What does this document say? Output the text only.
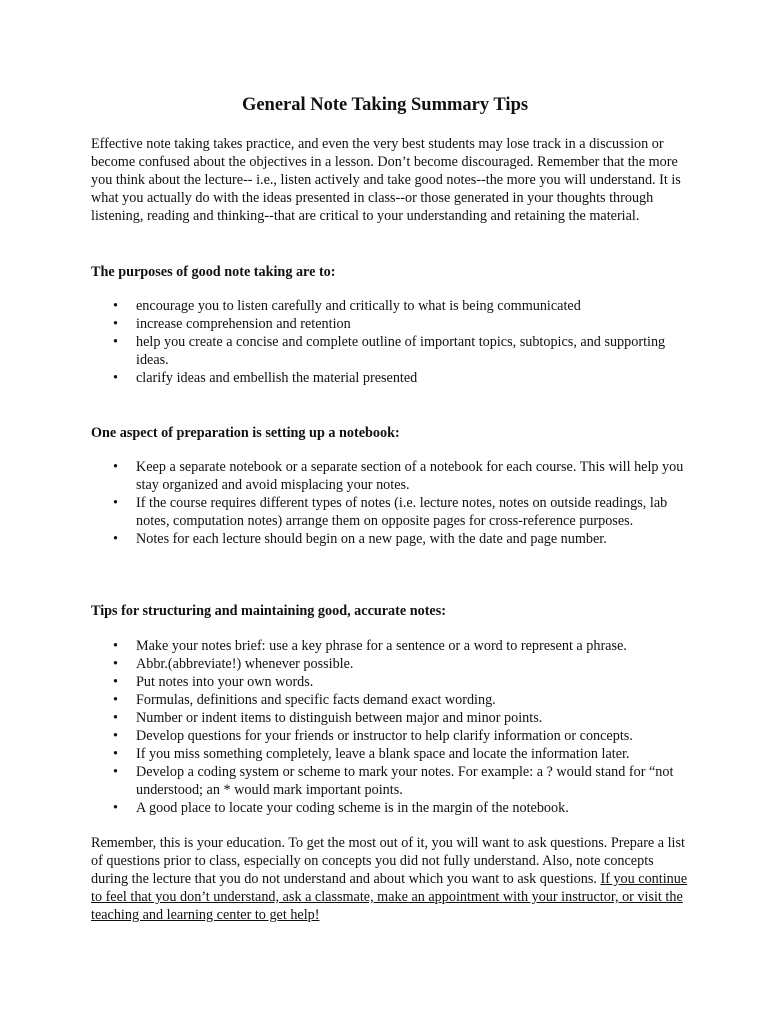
General Note Taking Summary Tips

Effective note taking takes practice, and even the very best students may lose track in a discussion or become confused about the objectives in a lesson. Don’t become discouraged. Remember that the more you think about the lecture-- i.e., listen actively and take good notes--the more you will understand. It is what you actually do with the ideas presented in class--or those generated in your thoughts through listening, reading and thinking--that are critical to your understanding and retaining the material.

The purposes of good note taking are to:

• encourage you to listen carefully and critically to what is being communicated
• increase comprehension and retention
• help you create a concise and complete outline of important topics, subtopics, and supporting ideas.
• clarify ideas and embellish the material presented

One aspect of preparation is setting up a notebook:

• Keep a separate notebook or a separate section of a notebook for each course. This will help you stay organized and avoid misplacing your notes.
• If the course requires different types of notes (i.e. lecture notes, notes on outside readings, lab notes, computation notes) arrange them on opposite pages for cross-reference purposes.
• Notes for each lecture should begin on a new page, with the date and page number.

Tips for structuring and maintaining good, accurate notes:

• Make your notes brief: use a key phrase for a sentence or a word to represent a phrase.
• Abbr.(abbreviate!) whenever possible.
• Put notes into your own words.
• Formulas, definitions and specific facts demand exact wording.
• Number or indent items to distinguish between major and minor points.
• Develop questions for your friends or instructor to help clarify information or concepts.
• If you miss something completely, leave a blank space and locate the information later.
• Develop a coding system or scheme to mark your notes. For example: a ? would stand for “not understood; an * would mark important points.
• A good place to locate your coding scheme is in the margin of the notebook.

Remember, this is your education. To get the most out of it, you will want to ask questions. Prepare a list of questions prior to class, especially on concepts you did not fully understand. Also, note concepts during the lecture that you do not understand and about which you want to ask questions. If you continue to feel that you don’t understand, ask a classmate, make an appointment with your instructor, or visit the teaching and learning center to get help!
